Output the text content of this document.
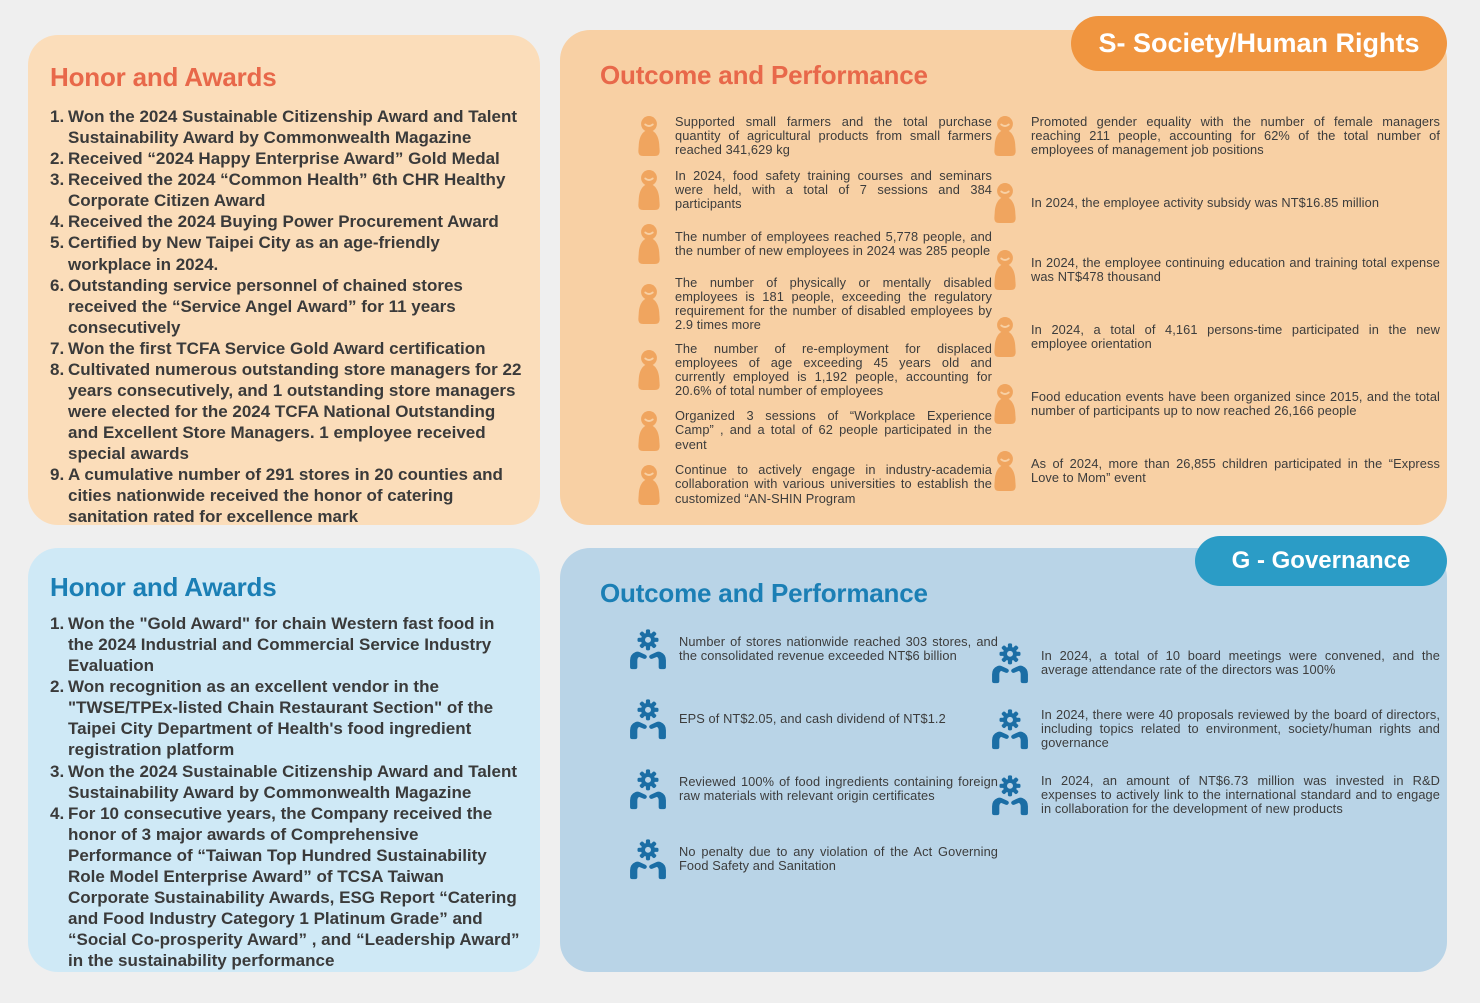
S- Society/Human Rights
Honor and Awards
1. Won the 2024 Sustainable Citizenship Award and Talent Sustainability Award by Commonwealth Magazine
2. Received “2024 Happy Enterprise Award” Gold Medal
3. Received the 2024 “Common Health” 6th CHR Healthy Corporate Citizen Award
4. Received the 2024 Buying Power Procurement Award
5. Certified by New Taipei City as an age-friendly workplace in 2024.
6. Outstanding service personnel of chained stores received the “Service Angel Award” for 11 years consecutively
7. Won the first TCFA Service Gold Award certification
8. Cultivated numerous outstanding store managers for 22 years consecutively, and 1 outstanding store managers were elected for the 2024 TCFA National Outstanding and Excellent Store Managers. 1 employee received special awards
9. A cumulative number of 291 stores in 20 counties and cities nationwide received the honor of catering sanitation rated for excellence mark
Outcome and Performance

Supported small farmers and the total purchase quantity of agricultural products from small farmers reached 341,629 kg

In 2024, food safety training courses and seminars were held, with a total of 7 sessions and 384 participants

The number of employees reached 5,778 people, and the number of new employees in 2024 was 285 people

The number of physically or mentally disabled employees is 181 people, exceeding the regulatory requirement for the number of disabled employees by 2.9 times more

The number of re-employment for displaced employees of age exceeding 45 years old and currently employed is 1,192 people, accounting for 20.6% of total number of employees

Organized 3 sessions of “Workplace Experience Camp” , and a total of 62 people participated in the event

Continue to actively engage in industry-academia collaboration with various universities to establish the customized “AN-SHIN Program

Promoted gender equality with the number of female managers reaching 211 people, accounting for 62% of the total number of employees of management job positions

In 2024, the employee activity subsidy was NT$16.85 million

In 2024, the employee continuing education and training total expense was NT$478 thousand

In 2024, a total of 4,161 persons-time participated in the new employee orientation

Food education events have been organized since 2015, and the total number of participants up to now reached 26,166 people

As of 2024, more than 26,855 children participated in the “Express Love to Mom” event

G - Governance
Honor and Awards
1. Won the "Gold Award" for chain Western fast food in the 2024 Industrial and Commercial Service Industry Evaluation
2. Won recognition as an excellent vendor in the "TWSE/TPEx-listed Chain Restaurant Section" of the Taipei City Department of Health's food ingredient registration platform
3. Won the 2024 Sustainable Citizenship Award and Talent Sustainability Award by Commonwealth Magazine
4. For 10 consecutive years, the Company received the honor of 3 major awards of Comprehensive Performance of “Taiwan Top Hundred Sustainability Role Model Enterprise Award” of TCSA Taiwan Corporate Sustainability Awards, ESG Report “Catering and Food Industry Category 1 Platinum Grade” and “Social Co-prosperity Award” , and “Leadership Award” in the sustainability performance
Outcome and Performance

Number of stores nationwide reached 303 stores, and the consolidated revenue exceeded NT$6 billion

EPS of NT$2.05, and cash dividend of NT$1.2

Reviewed 100% of food ingredients containing foreign raw materials with relevant origin certificates

No penalty due to any violation of the Act Governing Food Safety and Sanitation

In 2024, a total of 10 board meetings were convened, and the average attendance rate of the directors was 100%

In 2024, there were 40 proposals reviewed by the board of directors, including topics related to environment, society/human rights and governance

In 2024, an amount of NT$6.73 million was invested in R&D expenses to actively link to the international standard and to engage in collaboration for the development of new products
